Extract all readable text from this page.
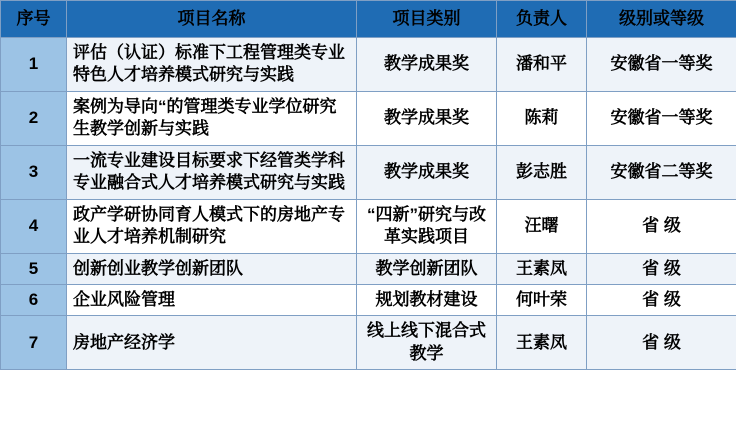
序号	项目名称	项目类别	负责人	级别或等级
1	评估（认证）标准下工程管理类专业特色人才培养模式研究与实践	教学成果奖	潘和平	安徽省一等奖
2	案例为导向“的管理类专业学位研究生教学创新与实践	教学成果奖	陈莉	安徽省一等奖
3	一流专业建设目标要求下经管类学科专业融合式人才培养模式研究与实践	教学成果奖	彭志胜	安徽省二等奖
4	政产学研协同育人模式下的房地产专业人才培养机制研究	“四新”研究与改革实践项目	汪曙	省 级
5	创新创业教学创新团队	教学创新团队	王素凤	省 级
6	企业风险管理	规划教材建设	何叶荣	省 级
7	房地产经济学	线上线下混合式教学	王素凤	省 级
